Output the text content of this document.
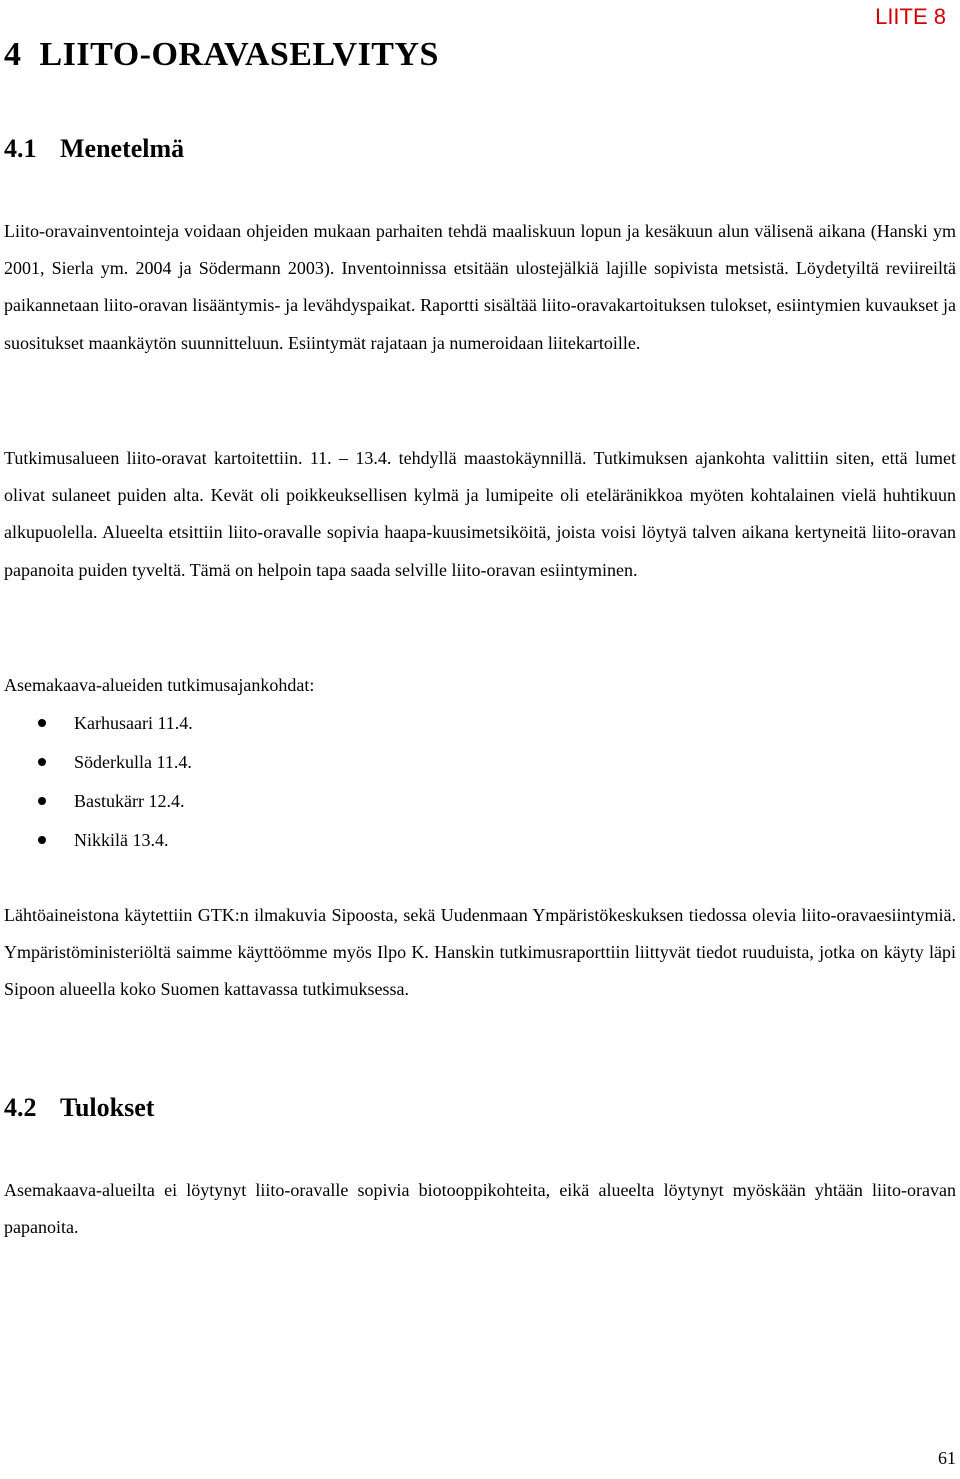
LIITE 8
4  LIITO-ORAVASELVITYS
4.1 Menetelmä

Liito-oravainventointeja voidaan ohjeiden mukaan parhaiten tehdä maaliskuun lopun ja kesäkuun alun välisenä aikana (Hanski ym 2001, Sierla ym. 2004 ja Södermann 2003). Inventoinnissa etsitään ulostejälkiä lajille sopivista metsistä. Löydetyiltä reviireiltä paikannetaan liito-oravan lisääntymis- ja levähdyspaikat. Raportti sisältää liito-oravakartoituksen tulokset, esiintymien kuvaukset ja suositukset maankäytön suunnitteluun. Esiintymät rajataan ja numeroidaan liitekartoille.

Tutkimusalueen liito-oravat kartoitettiin. 11. – 13.4. tehdyllä maastokäynnillä. Tutkimuksen ajankohta valittiin siten, että lumet olivat sulaneet puiden alta. Kevät oli poikkeuksellisen kylmä ja lumipeite oli eteläränikkoa myöten kohtalainen vielä huhtikuun alkupuolella. Alueelta etsittiin liito-oravalle sopivia haapa-kuusimetsiköitä, joista voisi löytyä talven aikana kertyneitä liito-oravan papanoita puiden tyveltä. Tämä on helpoin tapa saada selville liito-oravan esiintyminen.

Asemakaava-alueiden tutkimusajankohdat:

Karhusaari 11.4.
Söderkulla 11.4.
Bastukärr 12.4.
Nikkilä 13.4.

Lähtöaineistona käytettiin GTK:n ilmakuvia Sipoosta, sekä Uudenmaan Ympäristökeskuksen tiedossa olevia liito-oravaesiintymiä. Ympäristöministeriöltä saimme käyttöömme myös Ilpo K. Hanskin tutkimusraporttiin liittyvät tiedot ruuduista, jotka on käyty läpi Sipoon alueella koko Suomen kattavassa tutkimuksessa.

4.2 Tulokset

Asemakaava-alueilta ei löytynyt liito-oravalle sopivia biotooppikohteita, eikä alueelta löytynyt myöskään yhtään liito-oravan papanoita.

61
